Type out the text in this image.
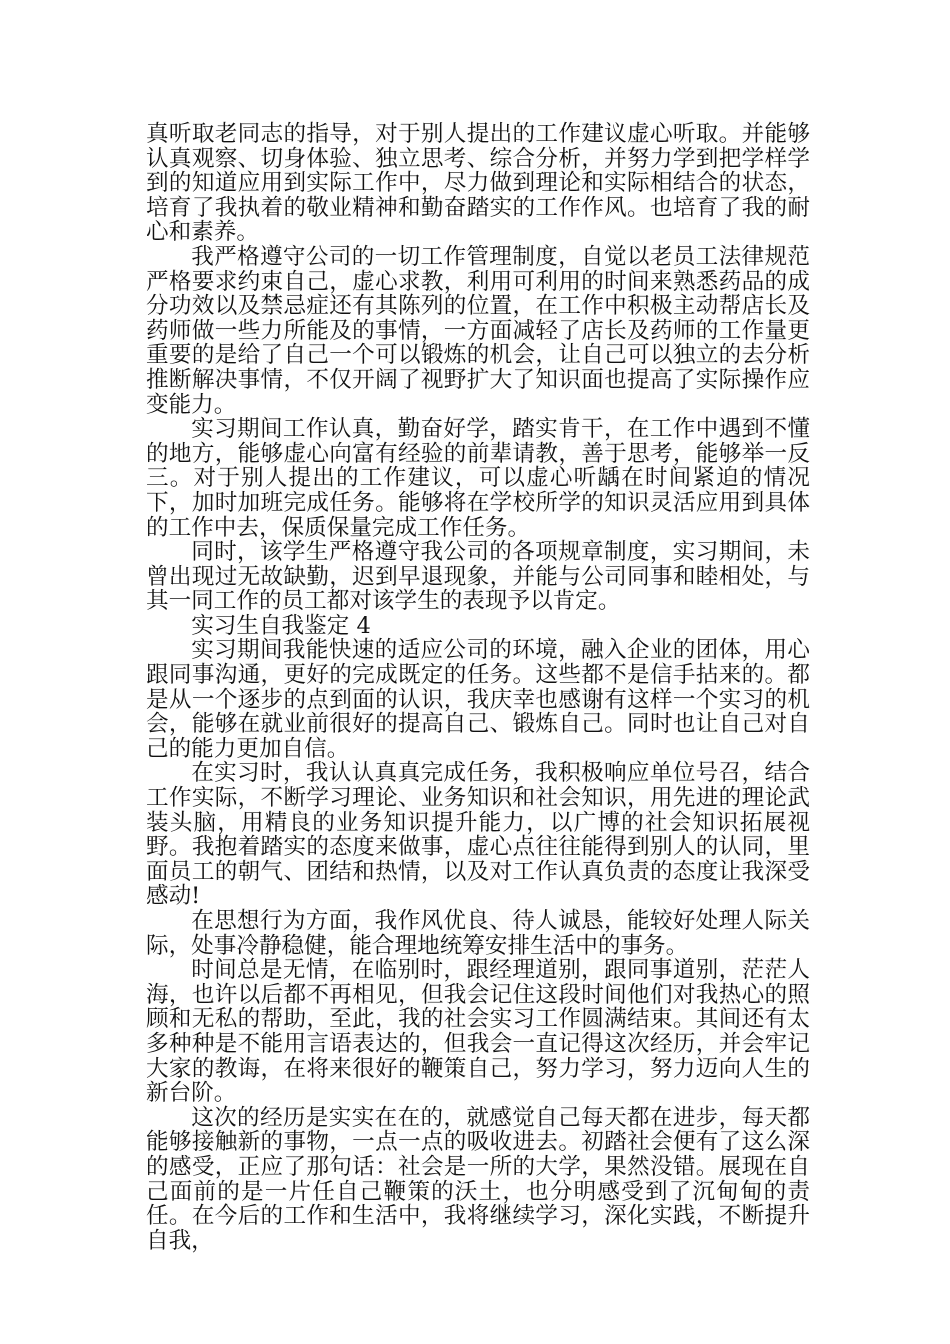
真听取老同志的指导，对于别人提出的工作建议虚心听取。并能够认真观察、切身体验、独立思考、综合分析，并努力学到把学样学到的知道应用到实际工作中，尽力做到理论和实际相结合的状态，培育了我执着的敬业精神和勤奋踏实的工作作风。也培育了我的耐心和素养。

我严格遵守公司的一切工作管理制度，自觉以老员工法律规范严格要求约束自己，虚心求教，利用可利用的时间来熟悉药品的成分功效以及禁忌症还有其陈列的位置，在工作中积极主动帮店长及药师做一些力所能及的事情，一方面减轻了店长及药师的工作量更重要的是给了自己一个可以锻炼的机会，让自己可以独立的去分析推断解决事情，不仅开阔了视野扩大了知识面也提高了实际操作应变能力。

实习期间工作认真，勤奋好学，踏实肯干，在工作中遇到不懂的地方，能够虚心向富有经验的前辈请教，善于思考，能够举一反三。对于别人提出的工作建议，可以虚心听龋在时间紧迫的情况下，加时加班完成任务。能够将在学校所学的知识灵活应用到具体的工作中去，保质保量完成工作任务。

同时，该学生严格遵守我公司的各项规章制度，实习期间，未曾出现过无故缺勤，迟到早退现象，并能与公司同事和睦相处，与其一同工作的员工都对该学生的表现予以肯定。

实习生自我鉴定 4

实习期间我能快速的适应公司的环境，融入企业的团体，用心跟同事沟通，更好的完成既定的任务。这些都不是信手拈来的。都是从一个逐步的点到面的认识，我庆幸也感谢有这样一个实习的机会，能够在就业前很好的提高自己、锻炼自己。同时也让自己对自己的能力更加自信。

在实习时，我认认真真完成任务，我积极响应单位号召，结合工作实际，不断学习理论、业务知识和社会知识，用先进的理论武装头脑，用精良的业务知识提升能力，以广博的社会知识拓展视野。我抱着踏实的态度来做事，虚心点往往能得到别人的认同，里面员工的朝气、团结和热情，以及对工作认真负责的态度让我深受感动!

在思想行为方面，我作风优良、待人诚恳，能较好处理人际关际，处事冷静稳健，能合理地统筹安排生活中的事务。

时间总是无情，在临别时，跟经理道别，跟同事道别，茫茫人海，也许以后都不再相见，但我会记住这段时间他们对我热心的照顾和无私的帮助，至此，我的社会实习工作圆满结束。其间还有太多种种是不能用言语表达的，但我会一直记得这次经历，并会牢记大家的教诲，在将来很好的鞭策自己，努力学习，努力迈向人生的新台阶。

这次的经历是实实在在的，就感觉自己每天都在进步，每天都能够接触新的事物，一点一点的吸收进去。初踏社会便有了这么深的感受，正应了那句话：社会是一所的大学，果然没错。展现在自己面前的是一片任自己鞭策的沃土，也分明感受到了沉甸甸的责任。在今后的工作和生活中，我将继续学习，深化实践，不断提升自我，
